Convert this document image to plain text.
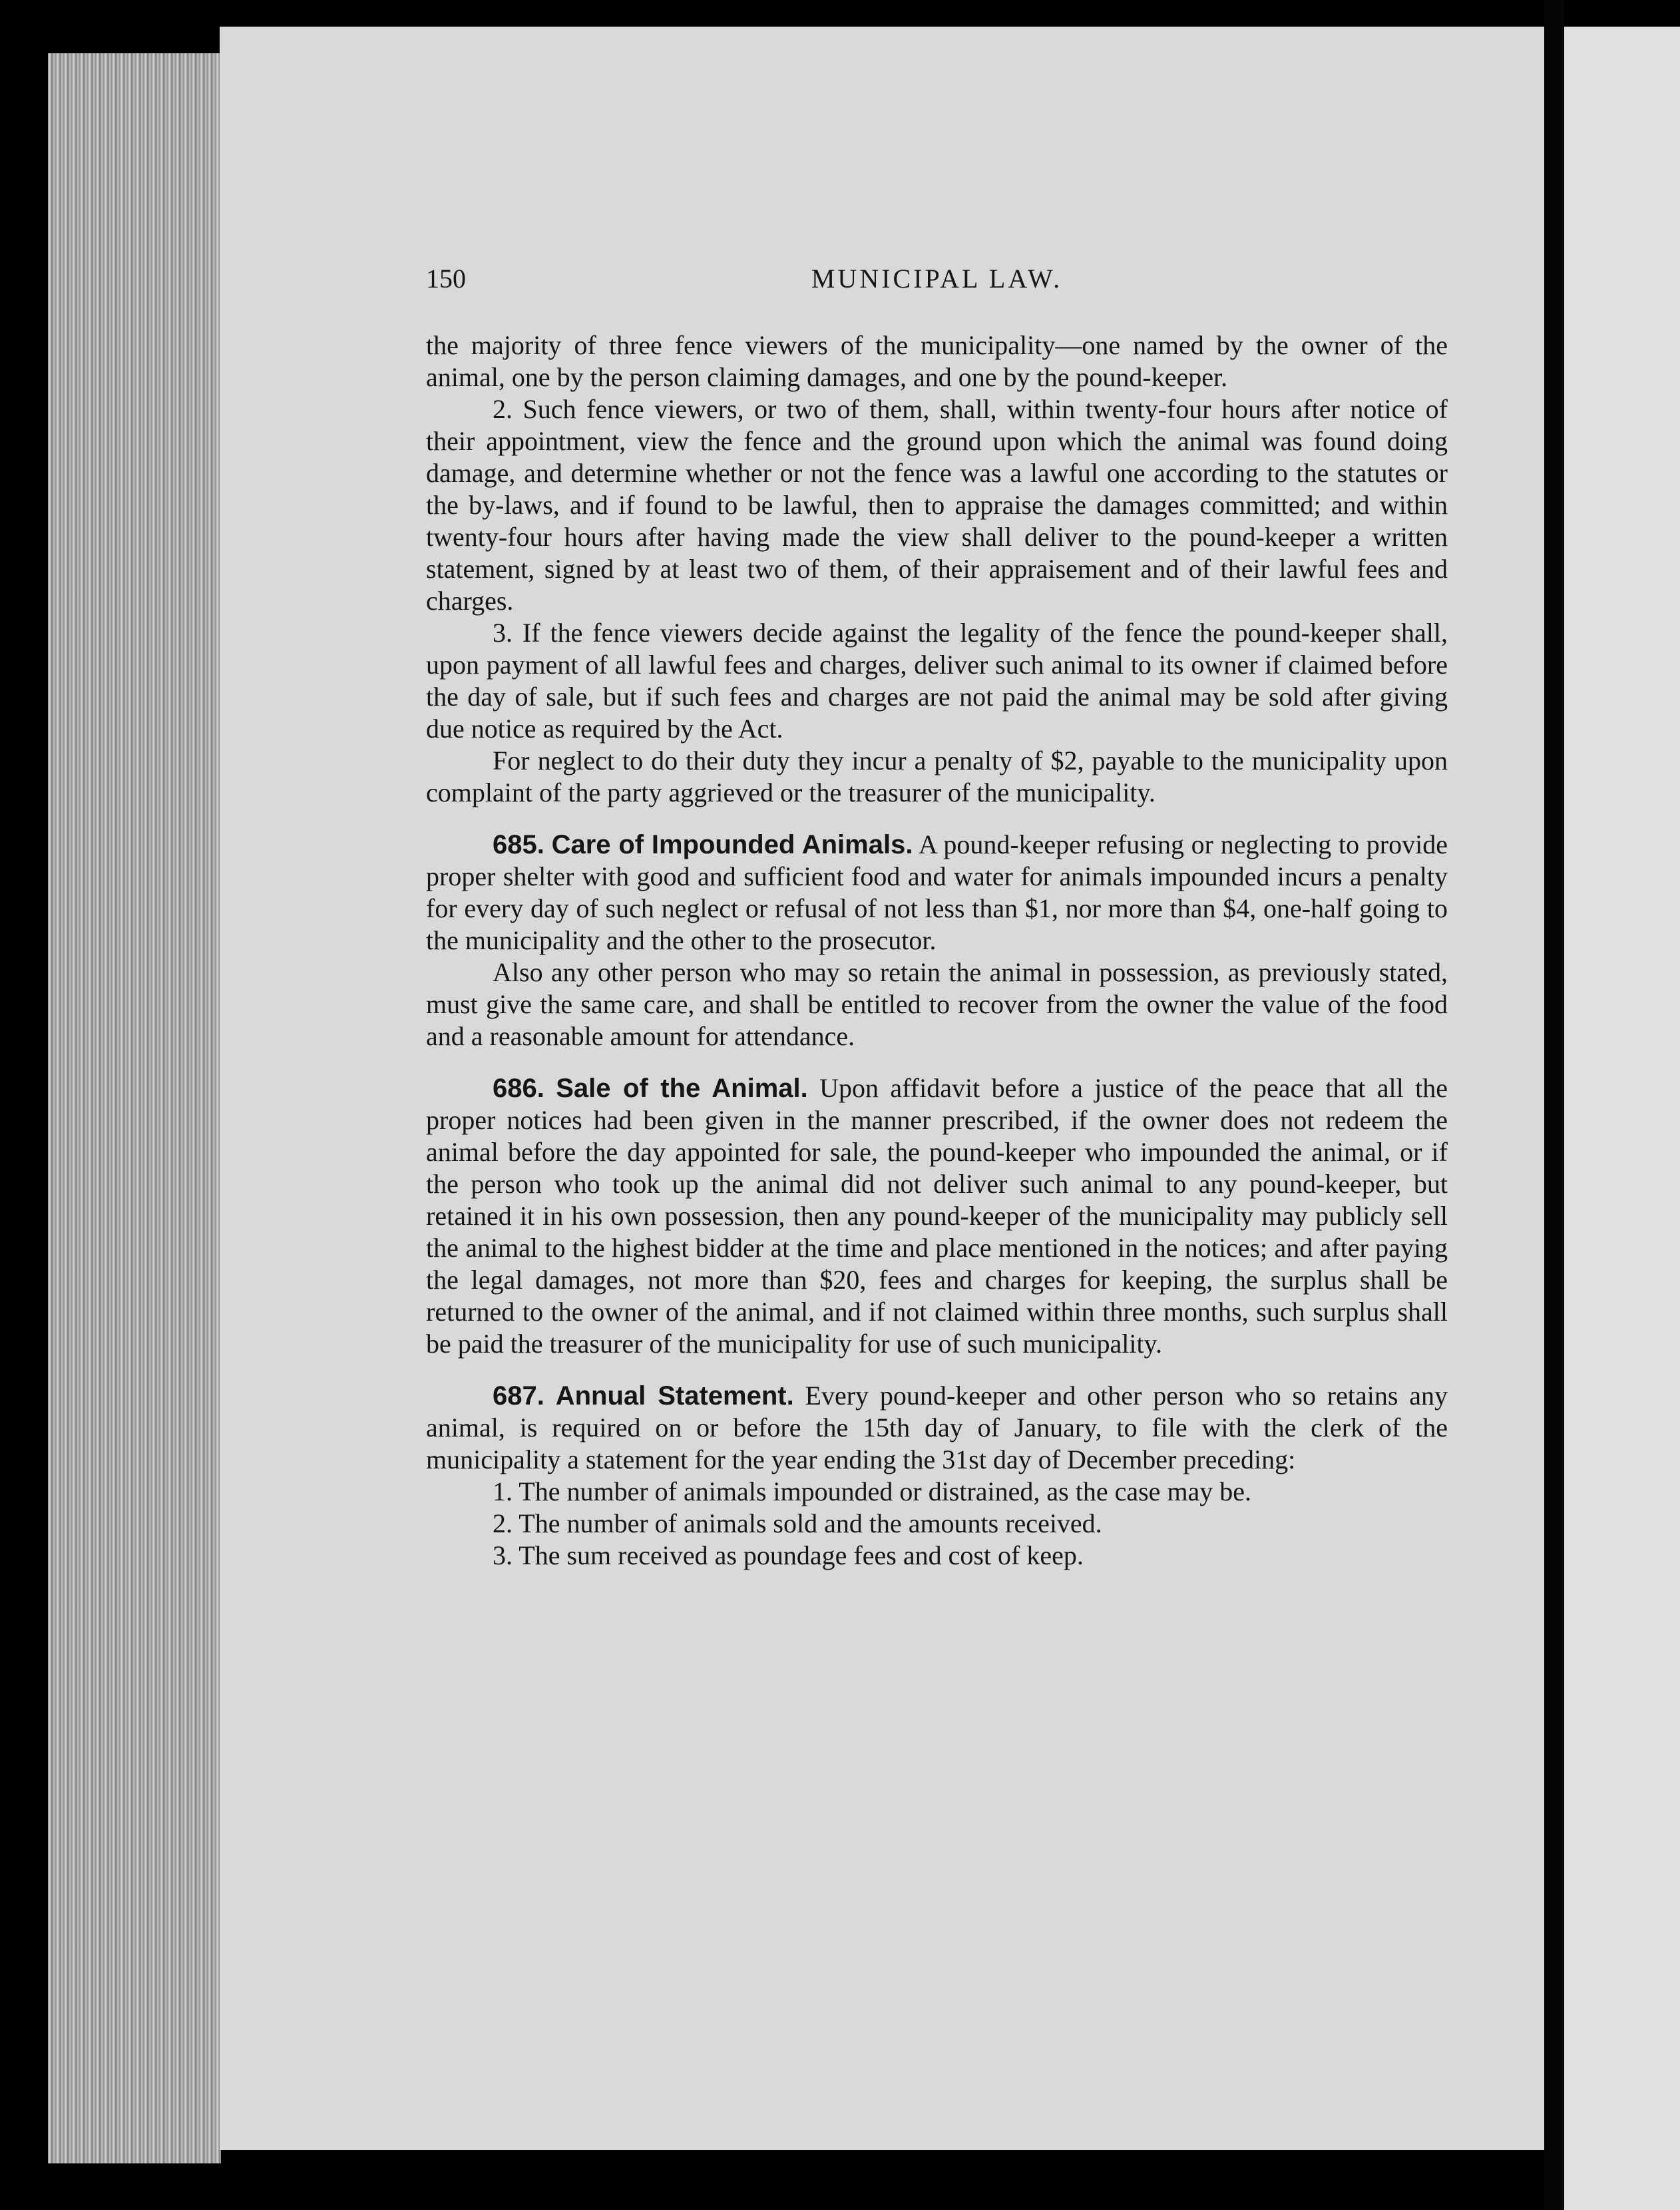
150	MUNICIPAL LAW.

the majority of three fence viewers of the municipality—one named by the owner of the animal, one by the person claiming damages, and one by the pound-keeper.

2. Such fence viewers, or two of them, shall, within twenty-four hours after notice of their appointment, view the fence and the ground upon which the animal was found doing damage, and determine whether or not the fence was a lawful one according to the statutes or the by-laws, and if found to be lawful, then to appraise the damages committed; and within twenty-four hours after having made the view shall deliver to the pound-keeper a written statement, signed by at least two of them, of their appraisement and of their lawful fees and charges.

3. If the fence viewers decide against the legality of the fence the pound-keeper shall, upon payment of all lawful fees and charges, deliver such animal to its owner if claimed before the day of sale, but if such fees and charges are not paid the animal may be sold after giving due notice as required by the Act.

For neglect to do their duty they incur a penalty of $2, payable to the municipality upon complaint of the party aggrieved or the treasurer of the municipality.

685. Care of Impounded Animals. A pound-keeper refusing or neglecting to provide proper shelter with good and sufficient food and water for animals impounded incurs a penalty for every day of such neglect or refusal of not less than $1, nor more than $4, one-half going to the municipality and the other to the prosecutor.

Also any other person who may so retain the animal in possession, as previously stated, must give the same care, and shall be entitled to recover from the owner the value of the food and a reasonable amount for attendance.

686. Sale of the Animal. Upon affidavit before a justice of the peace that all the proper notices had been given in the manner prescribed, if the owner does not redeem the animal before the day appointed for sale, the pound-keeper who impounded the animal, or if the person who took up the animal did not deliver such animal to any pound-keeper, but retained it in his own possession, then any pound-keeper of the municipality may publicly sell the animal to the highest bidder at the time and place mentioned in the notices; and after paying the legal damages, not more than $20, fees and charges for keeping, the surplus shall be returned to the owner of the animal, and if not claimed within three months, such surplus shall be paid the treasurer of the municipality for use of such municipality.

687. Annual Statement. Every pound-keeper and other person who so retains any animal, is required on or before the 15th day of January, to file with the clerk of the municipality a statement for the year ending the 31st day of December preceding:

1. The number of animals impounded or distrained, as the case may be.

2. The number of animals sold and the amounts received.

3. The sum received as poundage fees and cost of keep.
